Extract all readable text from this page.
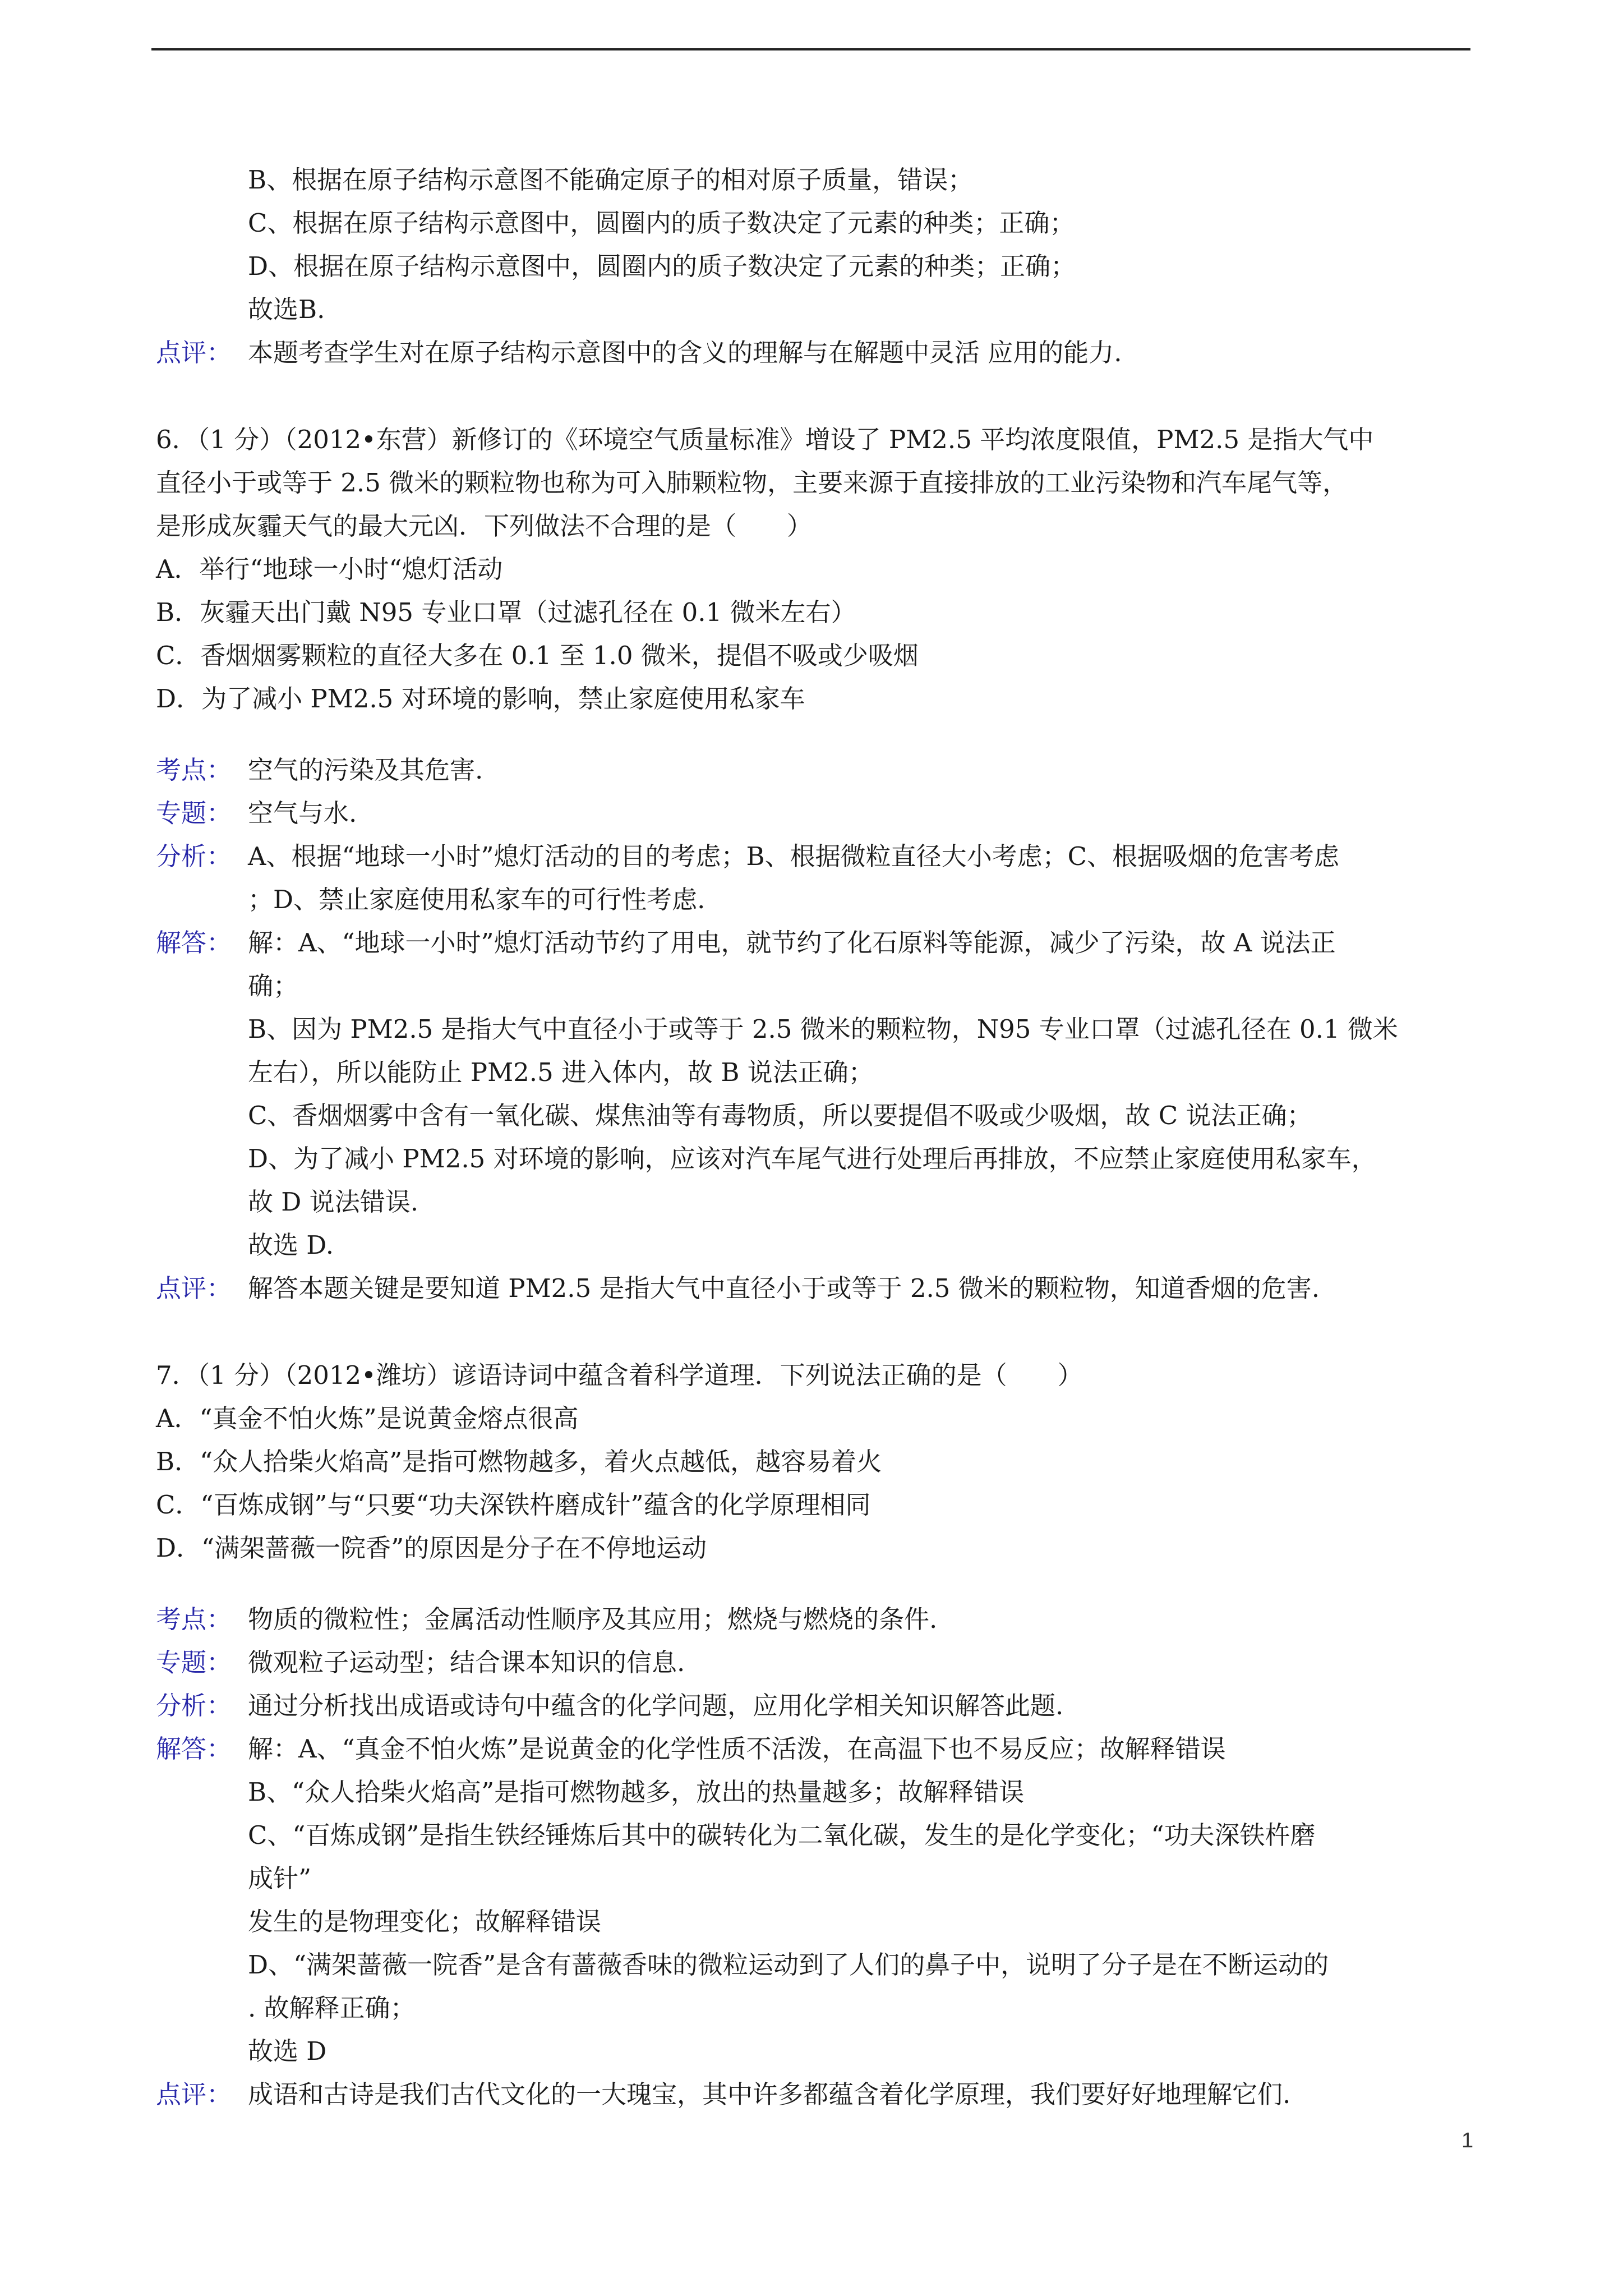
B、根据在原子结构示意图不能确定原子的相对原子质量，错误；
C、根据在原子结构示意图中，圆圈内的质子数决定了元素的种类；正确；
D、根据在原子结构示意图中，圆圈内的质子数决定了元素的种类；正确；
故选B.
点评： 本题考查学生对在原子结构示意图中的含义的理解与在解题中灵活 应用的能力.
6．（1 分）（2012•东营）新修订的《环境空气质量标准》增设了 PM2.5 平均浓度限值，PM2.5 是指大气中
直径小于或等于 2.5 微米的颗粒物也称为可入肺颗粒物，主要来源于直接排放的工业污染物和汽车尾气等，
是形成灰霾天气的最大元凶．下列做法不合理的是（　　）
A．举行“地球一小时“熄灯活动
B．灰霾天出门戴 N95 专业口罩（过滤孔径在 0.1 微米左右）
C．香烟烟雾颗粒的直径大多在 0.1 至 1.0 微米，提倡不吸或少吸烟
D．为了减小 PM2.5 对环境的影响，禁止家庭使用私家车
考点： 空气的污染及其危害.
专题： 空气与水.
分析： A、根据“地球一小时”熄灯活动的目的考虑；B、根据微粒直径大小考虑；C、根据吸烟的危害考虑
；D、禁止家庭使用私家车的可行性考虑.
解答： 解：A、“地球一小时”熄灯活动节约了用电，就节约了化石原料等能源，减少了污染，故 A 说法正
确；
B、因为 PM2.5 是指大气中直径小于或等于 2.5 微米的颗粒物，N95 专业口罩（过滤孔径在 0.1 微米
左右），所以能防止 PM2.5 进入体内，故 B 说法正确；
C、香烟烟雾中含有一氧化碳、煤焦油等有毒物质，所以要提倡不吸或少吸烟，故 C 说法正确；
D、为了减小 PM2.5 对环境的影响，应该对汽车尾气进行处理后再排放，不应禁止家庭使用私家车，
故 D 说法错误.
故选 D.
点评： 解答本题关键是要知道 PM2.5 是指大气中直径小于或等于 2.5 微米的颗粒物，知道香烟的危害.
7．（1 分）（2012•潍坊）谚语诗词中蕴含着科学道理．下列说法正确的是（　　）
A．“真金不怕火炼”是说黄金熔点很高
B．“众人拾柴火焰高”是指可燃物越多，着火点越低，越容易着火
C．“百炼成钢”与“只要“功夫深铁杵磨成针”蕴含的化学原理相同
D．“满架蔷薇一院香”的原因是分子在不停地运动
考点： 物质的微粒性；金属活动性顺序及其应用；燃烧与燃烧的条件.
专题： 微观粒子运动型；结合课本知识的信息.
分析： 通过分析找出成语或诗句中蕴含的化学问题，应用化学相关知识解答此题.
解答： 解：A、“真金不怕火炼”是说黄金的化学性质不活泼，在高温下也不易反应；故解释错误
B、“众人拾柴火焰高”是指可燃物越多，放出的热量越多；故解释错误
C、“百炼成钢”是指生铁经锤炼后其中的碳转化为二氧化碳，发生的是化学变化；“功夫深铁杵磨
成针”
发生的是物理变化；故解释错误
D、“满架蔷薇一院香”是含有蔷薇香味的微粒运动到了人们的鼻子中，说明了分子是在不断运动的
. 故解释正确；
故选 D
点评： 成语和古诗是我们古代文化的一大瑰宝，其中许多都蕴含着化学原理，我们要好好地理解它们.
1
